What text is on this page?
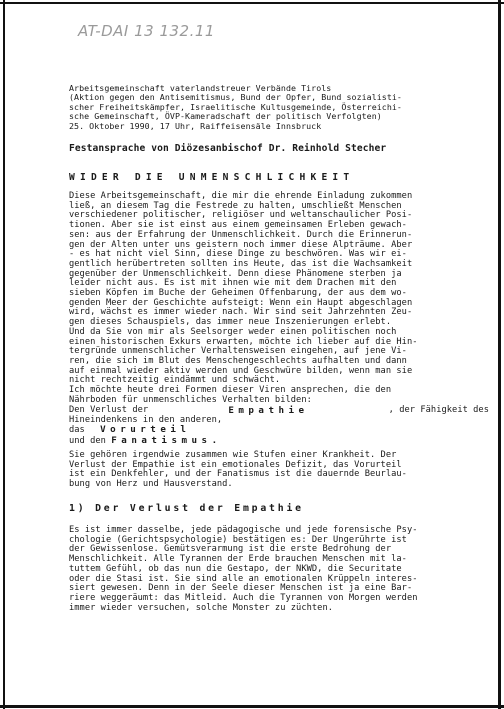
AT-DAI 13 132.11
Arbeitsgemeinschaft vaterlandstreuer Verbände Tirols
(Aktion gegen den Antisemitismus, Bund der Opfer, Bund sozialisti-
scher Freiheitskämpfer, Israelitische Kultusgemeinde, Österreichi-
sche Gemeinschaft, ÖVP-Kameradschaft der politisch Verfolgten)
25. Oktober 1990, 17 Uhr, Raiffeisensäle Innsbruck
Festansprache von Diözesanbischof Dr. Reinhold Stecher
WIDER DIE UNMENSCHLICHKEIT
Diese Arbeitsgemeinschaft, die mir die ehrende Einladung zukommen
ließ, an diesem Tag die Festrede zu halten, umschließt Menschen
verschiedener politischer, religiöser und weltanschaulicher Posi-
tionen. Aber sie ist einst aus einem gemeinsamen Erleben gewach-
sen: aus der Erfahrung der Unmenschlichkeit. Durch die Erinnerun-
gen der Alten unter uns geistern noch immer diese Alpträume. Aber
- es hat nicht viel Sinn, diese Dinge zu beschwören. Was wir ei-
gentlich herübertreten sollten ins Heute, das ist die Wachsamkeit
gegenüber der Unmenschlichkeit. Denn diese Phänomene sterben ja
leider nicht aus. Es ist mit ihnen wie mit dem Drachen mit den
sieben Köpfen im Buche der Geheimen Offenbarung, der aus dem wo-
genden Meer der Geschichte aufsteigt: Wenn ein Haupt abgeschlagen
wird, wächst es immer wieder nach. Wir sind seit Jahrzehnten Zeu-
gen dieses Schauspiels, das immer neue Inszenierungen erlebt.
Und da Sie von mir als Seelsorger weder einen politischen noch
einen historischen Exkurs erwarten, möchte ich lieber auf die Hin-
tergründe unmenschlicher Verhaltensweisen eingehen, auf jene Vi-
ren, die sich im Blut des Menschengeschlechts aufhalten und dann
auf einmal wieder aktiv werden und Geschwüre bilden, wenn man sie
nicht rechtzeitig eindämmt und schwächt.
Ich möchte heute drei Formen dieser Viren ansprechen, die den
Nährboden für unmenschliches Verhalten bilden:
Den Verlust der	Empathie	, der Fähigkeit des
Hineindenkens in den anderen,
das Vorurteil
und den Fanatismus.
Sie gehören irgendwie zusammen wie Stufen einer Krankheit. Der
Verlust der Empathie ist ein emotionales Defizit, das Vorurteil
ist ein Denkfehler, und der Fanatismus ist die dauernde Beurlau-
bung von Herz und Hausverstand.
1) Der Verlust der Empathie
Es ist immer dasselbe, jede pädagogische und jede forensische Psy-
chologie (Gerichtspsychologie) bestätigen es: Der Ungerührte ist
der Gewissenlose. Gemütsverarmung ist die erste Bedrohung der
Menschlichkeit. Alle Tyrannen der Erde brauchen Menschen mit la-
tuttem Gefühl, ob das nun die Gestapo, der NKWD, die Securitate
oder die Stasi ist. Sie sind alle an emotionalen Krüppeln interes-
siert gewesen. Denn in der Seele dieser Menschen ist ja eine Bar-
riere weggeräumt: das Mitleid. Auch die Tyrannen von Morgen werden
immer wieder versuchen, solche Monster zu züchten.
